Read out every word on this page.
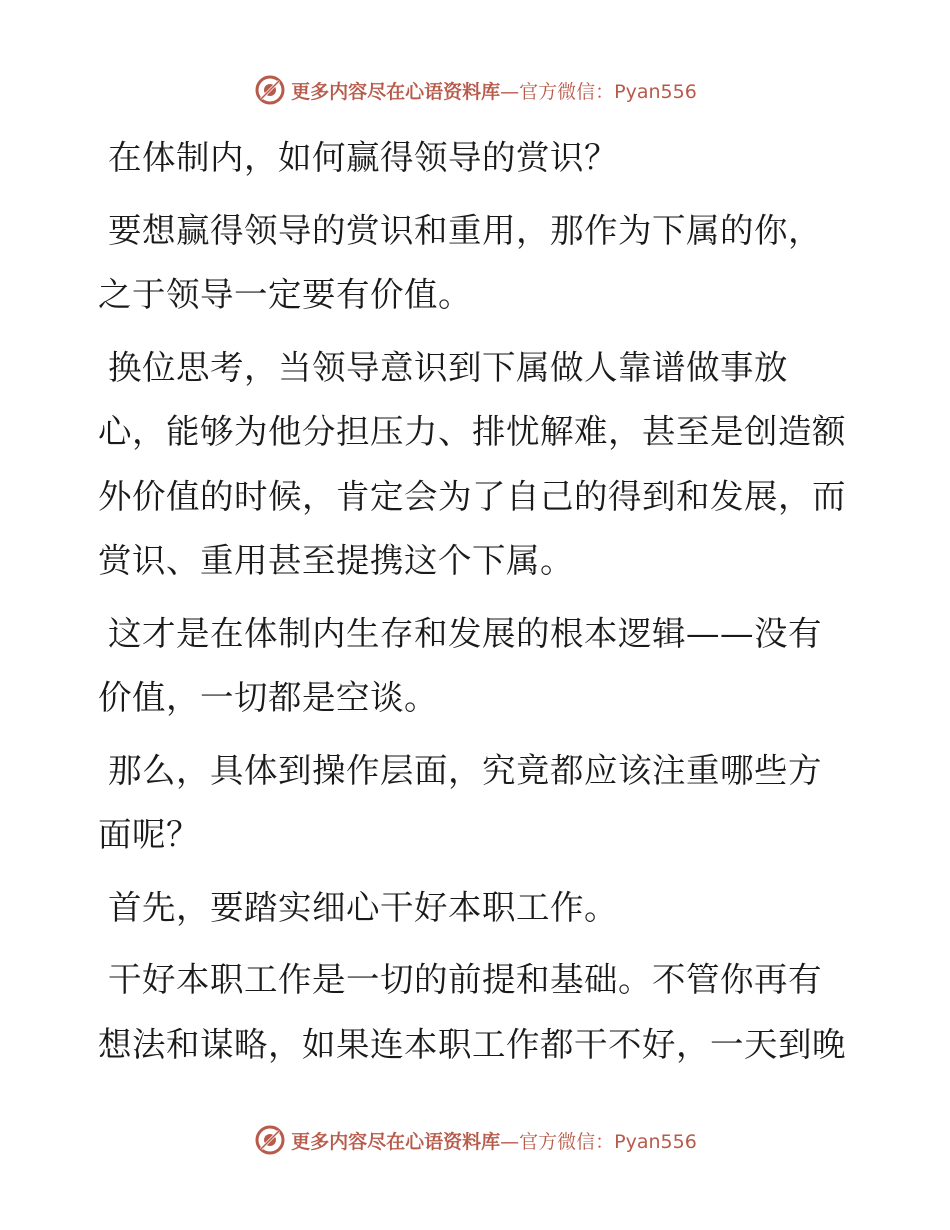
更多内容尽在心语资料库 —官方微信：Pyan556

在体制内，如何赢得领导的赏识？

要想赢得领导的赏识和重用，那作为下属的你，之于领导一定要有价值。

换位思考，当领导意识到下属做人靠谱做事放心，能够为他分担压力、排忧解难，甚至是创造额外价值的时候，肯定会为了自己的得到和发展，而赏识、重用甚至提携这个下属。

这才是在体制内生存和发展的根本逻辑——没有价值，一切都是空谈。

那么，具体到操作层面，究竟都应该注重哪些方面呢？

首先，要踏实细心干好本职工作。

干好本职工作是一切的前提和基础。不管你再有想法和谋略，如果连本职工作都干不好，一天到晚

更多内容尽在心语资料库 —官方微信：Pyan556
